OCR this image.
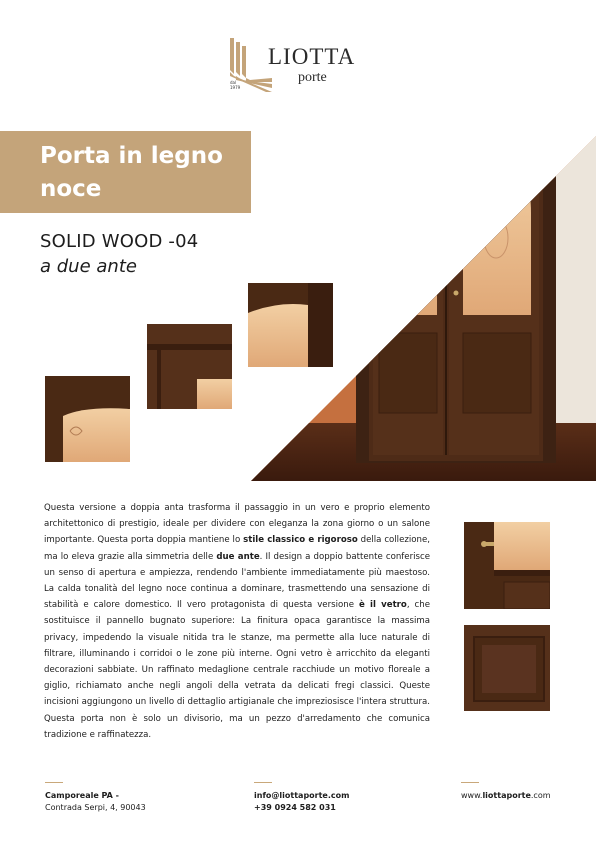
dal
1979
LIOTTA
porte
Porta in legno noce
SOLID WOOD -04
a due ante

Questa versione a doppia anta trasforma il passaggio in un vero e proprio elemento architettonico di prestigio, ideale per dividere con eleganza la zona giorno o un salone importante. Questa porta doppia mantiene lo stile classico e rigoroso della collezione, ma lo eleva grazie alla simmetria delle due ante. Il design a doppio battente conferisce un senso di apertura e ampiezza, rendendo l'ambiente immediatamente più maestoso. La calda tonalità del legno noce continua a dominare, trasmettendo una sensazione di stabilità e calore domestico. Il vero protagonista di questa versione è il vetro, che sostituisce il pannello bugnato superiore: La finitura opaca garantisce la massima privacy, impedendo la visuale nitida tra le stanze, ma permette alla luce naturale di filtrare, illuminando i corridoi o le zone più interne. Ogni vetro è arricchito da eleganti decorazioni sabbiate. Un raffinato medaglione centrale racchiude un motivo floreale a giglio, richiamato anche negli angoli della vetrata da delicati fregi classici. Queste incisioni aggiungono un livello di dettaglio artigianale che impreziosisce l'intera struttura. Questa porta non è solo un divisorio, ma un pezzo d'arredamento che comunica tradizione e raffinatezza.

Camporeale PA -
Contrada Serpi, 4, 90043
info@liottaporte.com
+39 0924 582 031
www.liottaporte.com
